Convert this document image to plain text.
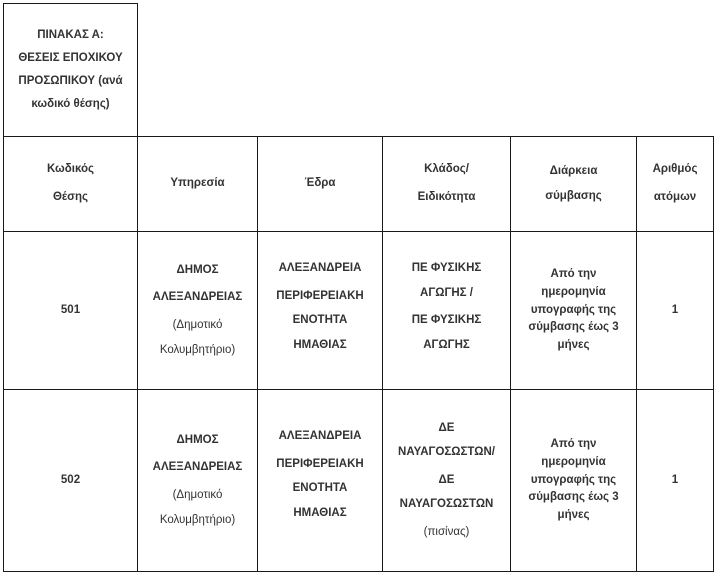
ΠΙΝΑΚΑΣ Α:
ΘΕΣΕΙΣ ΕΠΟΧΙΚΟΥ
ΠΡΟΣΩΠΙΚΟΥ (ανά
κωδικό θέσης)
Κωδικός
Θέσης
Υπηρεσία	Έδρα
Κλάδος/
Ειδικότητα
Διάρκεια
σύμβασης
Αριθμός
ατόμων
501
ΔΗΜΟΣ
ΑΛΕΞΑΝΔΡΕΙΑΣ
(Δημοτικό
Κολυμβητήριο)
ΑΛΕΞΑΝΔΡΕΙΑ
ΠΕΡΙΦΕΡΕΙΑΚΗ
ΕΝΟΤΗΤΑ
ΗΜΑΘΙΑΣ
ΠΕ ΦΥΣΙΚΗΣ
ΑΓΩΓΗΣ /
ΠΕ ΦΥΣΙΚΗΣ
ΑΓΩΓΗΣ
Από την
ημερομηνία
υπογραφής της
σύμβασης έως 3
μήνες
1
502
ΔΗΜΟΣ
ΑΛΕΞΑΝΔΡΕΙΑΣ
(Δημοτικό
Κολυμβητήριο)
ΑΛΕΞΑΝΔΡΕΙΑ
ΠΕΡΙΦΕΡΕΙΑΚΗ
ΕΝΟΤΗΤΑ
ΗΜΑΘΙΑΣ
ΔΕ
ΝΑΥΑΓΟΣΩΣΤΩΝ/
ΔΕ
ΝΑΥΑΓΟΣΩΣΤΩΝ
(πισίνας)
Από την
ημερομηνία
υπογραφής της
σύμβασης έως 3
μήνες
1
